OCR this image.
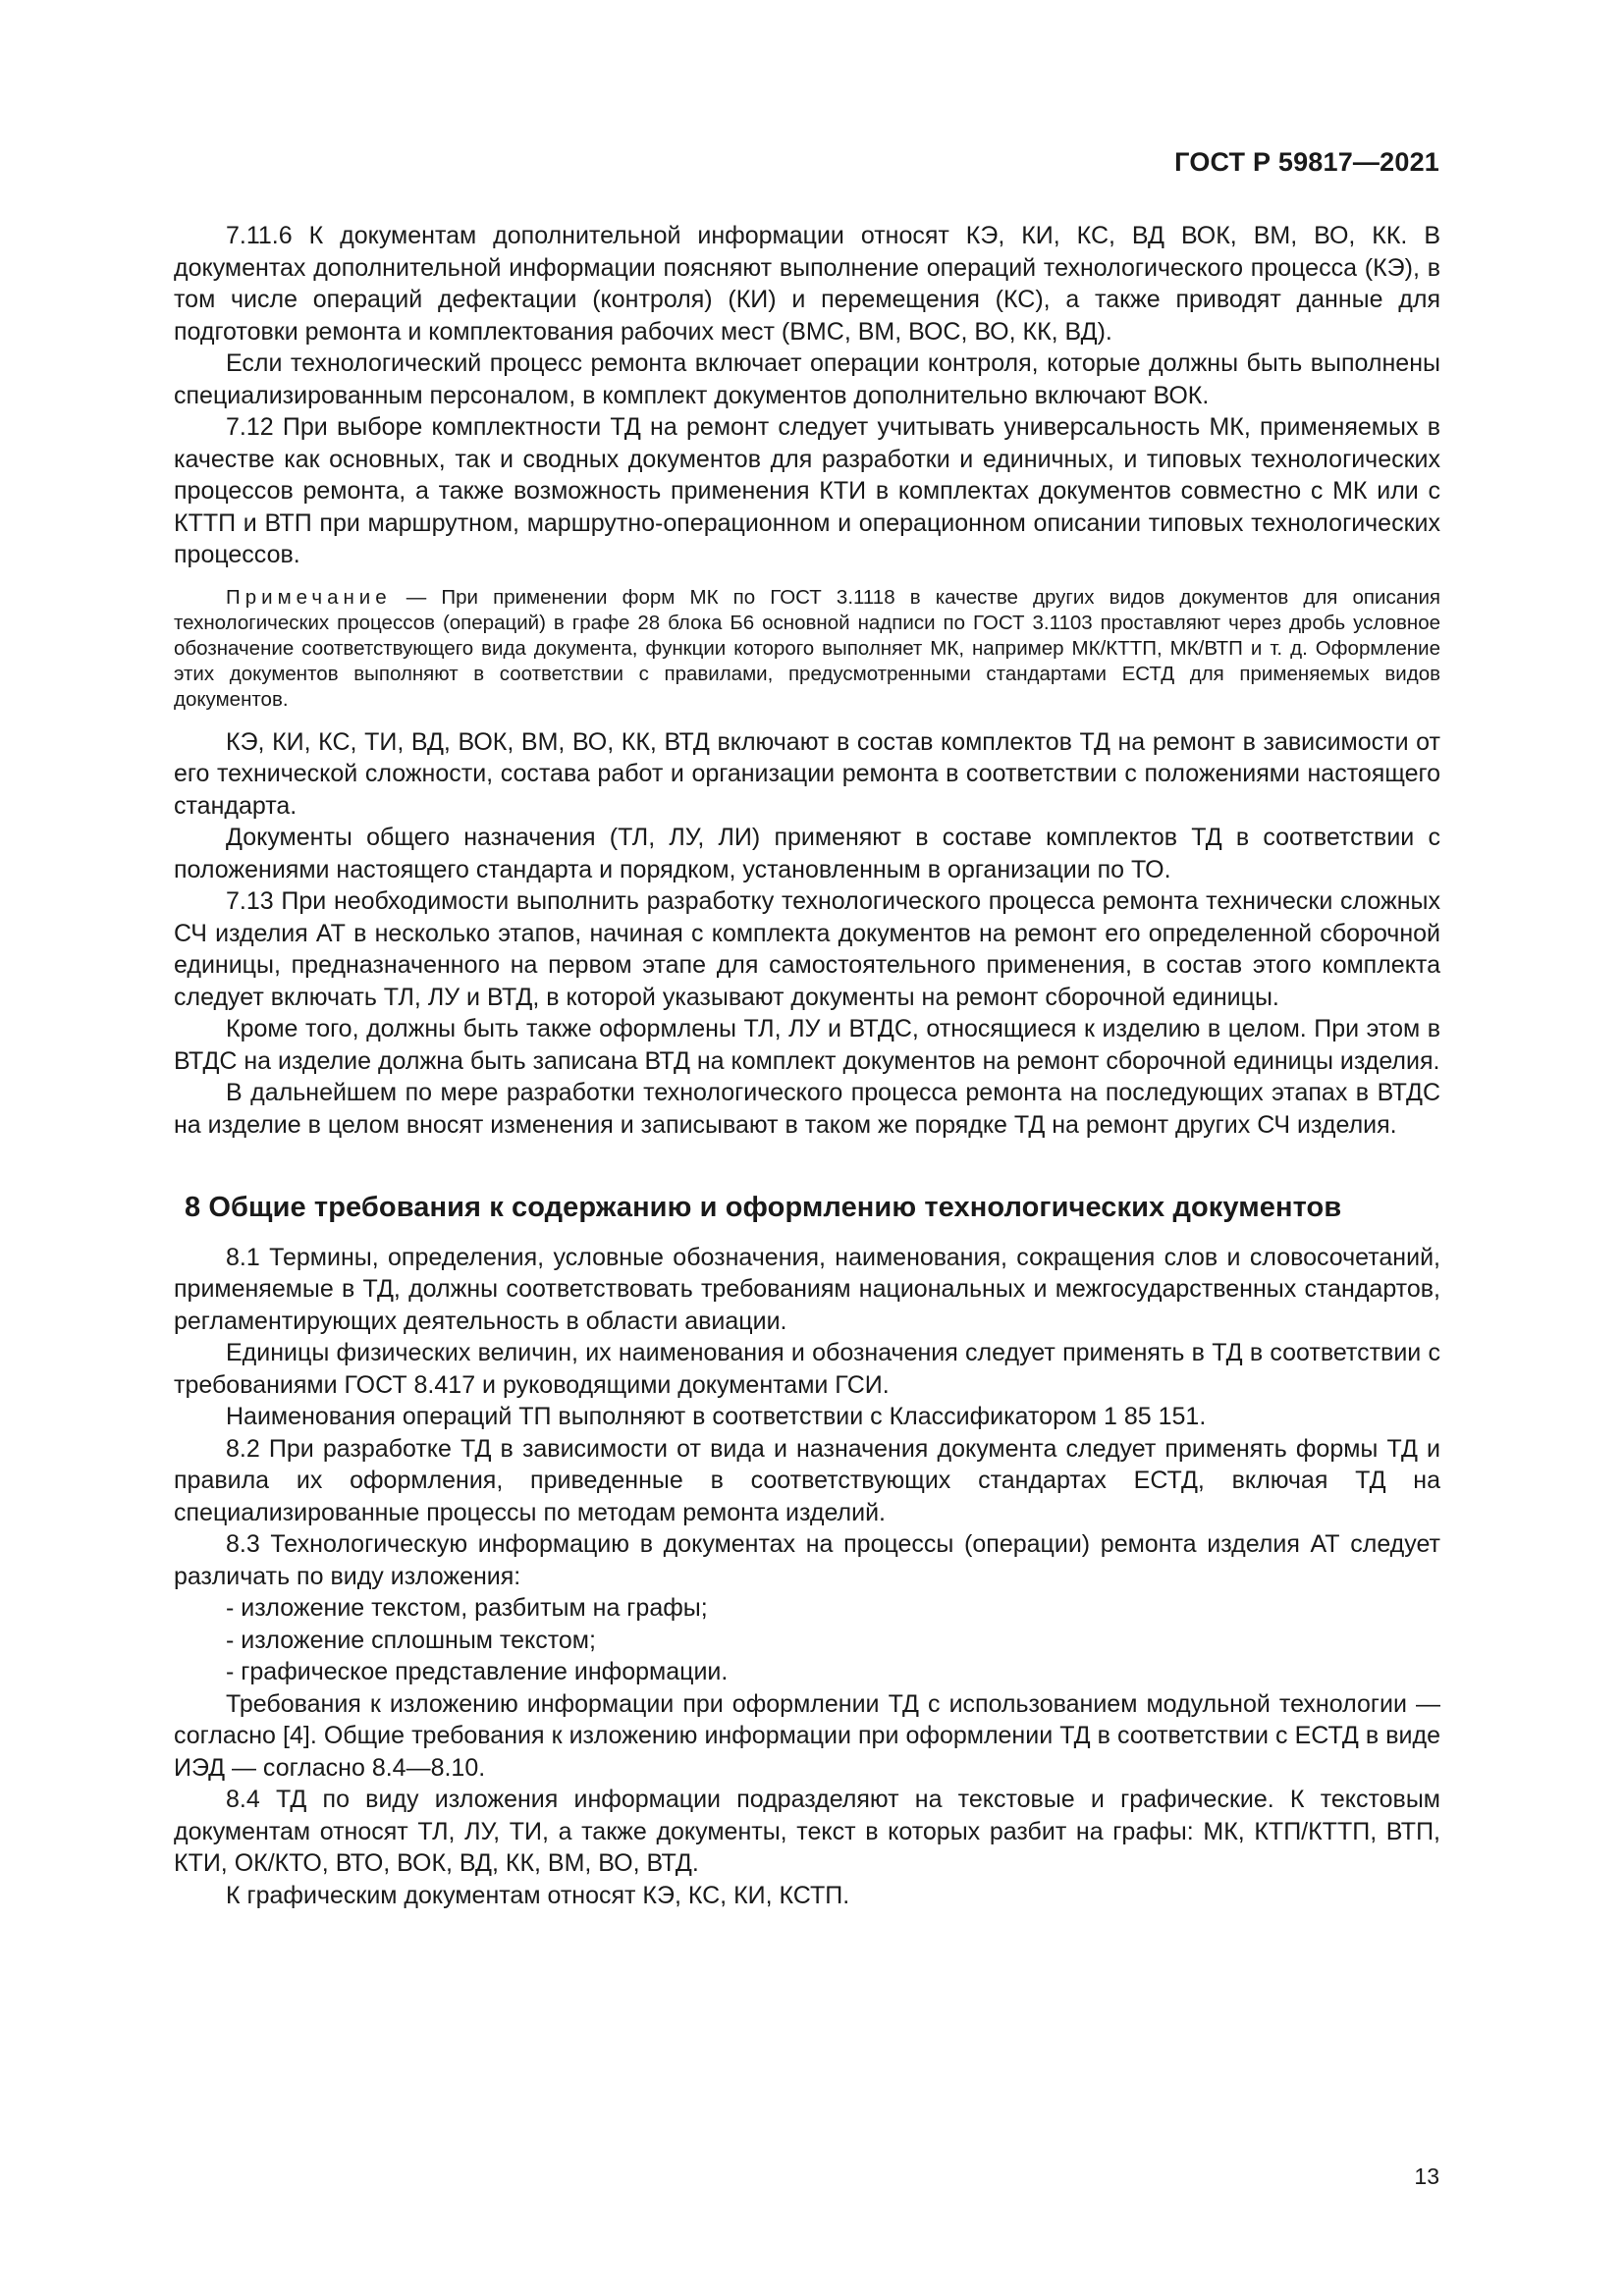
ГОСТ Р 59817—2021

7.11.6 К документам дополнительной информации относят КЭ, КИ, КС, ВД ВОК, ВМ, ВО, КК. В документах дополнительной информации поясняют выполнение операций технологического процесса (КЭ), в том числе операций дефектации (контроля) (КИ) и перемещения (КС), а также приводят данные для подготовки ремонта и комплектования рабочих мест (ВМС, ВМ, ВОС, ВО, КК, ВД).

Если технологический процесс ремонта включает операции контроля, которые должны быть выполнены специализированным персоналом, в комплект документов дополнительно включают ВОК.

7.12 При выборе комплектности ТД на ремонт следует учитывать универсальность МК, применяемых в качестве как основных, так и сводных документов для разработки и единичных, и типовых технологических процессов ремонта, а также возможность применения КТИ в комплектах документов совместно с МК или с КТТП и ВТП при маршрутном, маршрутно-операционном и операционном описании типовых технологических процессов.

Примечание — При применении форм МК по ГОСТ 3.1118 в качестве других видов документов для описания технологических процессов (операций) в графе 28 блока Б6 основной надписи по ГОСТ 3.1103 проставляют через дробь условное обозначение соответствующего вида документа, функции которого выполняет МК, например МК/КТТП, МК/ВТП и т. д. Оформление этих документов выполняют в соответствии с правилами, предусмотренными стандартами ЕСТД для применяемых видов документов.

КЭ, КИ, КС, ТИ, ВД, ВОК, ВМ, ВО, КК, ВТД включают в состав комплектов ТД на ремонт в зависимости от его технической сложности, состава работ и организации ремонта в соответствии с положениями настоящего стандарта.

Документы общего назначения (ТЛ, ЛУ, ЛИ) применяют в составе комплектов ТД в соответствии с положениями настоящего стандарта и порядком, установленным в организации по ТО.

7.13 При необходимости выполнить разработку технологического процесса ремонта технически сложных СЧ изделия АТ в несколько этапов, начиная с комплекта документов на ремонт его определенной сборочной единицы, предназначенного на первом этапе для самостоятельного применения, в состав этого комплекта следует включать ТЛ, ЛУ и ВТД, в которой указывают документы на ремонт сборочной единицы.

Кроме того, должны быть также оформлены ТЛ, ЛУ и ВТДС, относящиеся к изделию в целом. При этом в ВТДС на изделие должна быть записана ВТД на комплект документов на ремонт сборочной единицы изделия.

В дальнейшем по мере разработки технологического процесса ремонта на последующих этапах в ВТДС на изделие в целом вносят изменения и записывают в таком же порядке ТД на ремонт других СЧ изделия.

8 Общие требования к содержанию и оформлению технологических документов

8.1 Термины, определения, условные обозначения, наименования, сокращения слов и словосочетаний, применяемые в ТД, должны соответствовать требованиям национальных и межгосударственных стандартов, регламентирующих деятельность в области авиации.

Единицы физических величин, их наименования и обозначения следует применять в ТД в соответствии с требованиями ГОСТ 8.417 и руководящими документами ГСИ.

Наименования операций ТП выполняют в соответствии с Классификатором 1 85 151.

8.2 При разработке ТД в зависимости от вида и назначения документа следует применять формы ТД и правила их оформления, приведенные в соответствующих стандартах ЕСТД, включая ТД на специализированные процессы по методам ремонта изделий.

8.3 Технологическую информацию в документах на процессы (операции) ремонта изделия АТ следует различать по виду изложения:

- изложение текстом, разбитым на графы;

- изложение сплошным текстом;

- графическое представление информации.

Требования к изложению информации при оформлении ТД с использованием модульной технологии — согласно [4]. Общие требования к изложению информации при оформлении ТД в соответствии с ЕСТД в виде ИЭД — согласно 8.4—8.10.

8.4 ТД по виду изложения информации подразделяют на текстовые и графические. К текстовым документам относят ТЛ, ЛУ, ТИ, а также документы, текст в которых разбит на графы: МК, КТП/КТТП, ВТП, КТИ, ОК/КТО, ВТО, ВОК, ВД, КК, ВМ, ВО, ВТД.

К графическим документам относят КЭ, КС, КИ, КСТП.

13
